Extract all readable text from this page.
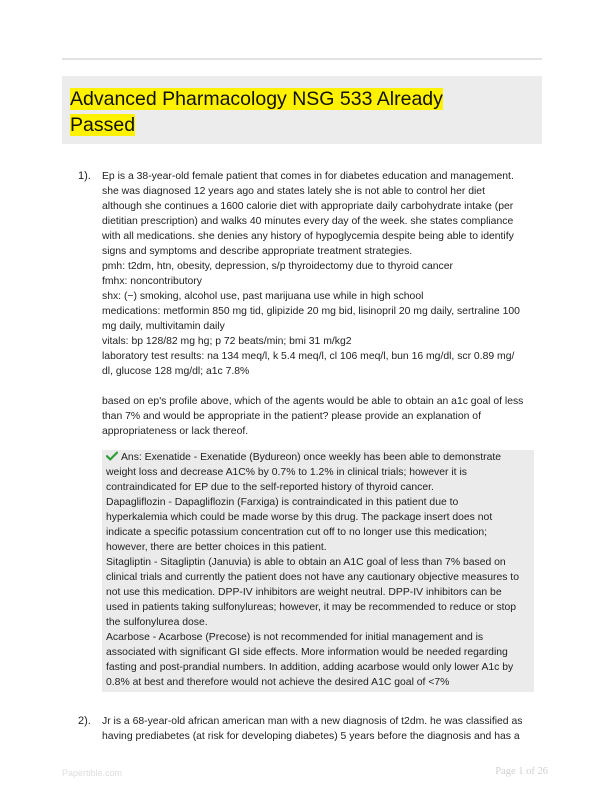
Advanced Pharmacology NSG 533 Already Passed
1). Ep is a 38-year-old female patient that comes in for diabetes education and management.

she was diagnosed 12 years ago and states lately she is not able to control her diet

although she continues a 1600 calorie diet with appropriate daily carbohydrate intake (per

dietitian prescription) and walks 40 minutes every day of the week. she states compliance

with all medications. she denies any history of hypoglycemia despite being able to identify

signs and symptoms and describe appropriate treatment strategies.

pmh: t2dm, htn, obesity, depression, s/p thyroidectomy due to thyroid cancer

fmhx: noncontributory

shx: (−) smoking, alcohol use, past marijuana use while in high school

medications: metformin 850 mg tid, glipizide 20 mg bid, lisinopril 20 mg daily, sertraline 100

mg daily, multivitamin daily

vitals: bp 128/82 mg hg; p 72 beats/min; bmi 31 m/kg2

laboratory test results: na 134 meq/l, k 5.4 meq/l, cl 106 meq/l, bun 16 mg/dl, scr 0.89 mg/

dl, glucose 128 mg/dl; a1c 7.8%

based on ep's profile above, which of the agents would be able to obtain an a1c goal of less

than 7% and would be appropriate in the patient? please provide an explanation of

appropriateness or lack thereof.

Ans: Exenatide - Exenatide (Bydureon) once weekly has been able to demonstrate

weight loss and decrease A1C% by 0.7% to 1.2% in clinical trials; however it is

contraindicated for EP due to the self-reported history of thyroid cancer.

Dapagliflozin - Dapagliflozin (Farxiga) is contraindicated in this patient due to

hyperkalemia which could be made worse by this drug. The package insert does not

indicate a specific potassium concentration cut off to no longer use this medication;

however, there are better choices in this patient.

Sitagliptin - Sitagliptin (Januvia) is able to obtain an A1C goal of less than 7% based on

clinical trials and currently the patient does not have any cautionary objective measures to

not use this medication. DPP-IV inhibitors are weight neutral. DPP-IV inhibitors can be

used in patients taking sulfonylureas; however, it may be recommended to reduce or stop

the sulfonylurea dose.

Acarbose - Acarbose (Precose) is not recommended for initial management and is

associated with significant GI side effects. More information would be needed regarding

fasting and post-prandial numbers. In addition, adding acarbose would only lower A1c by

0.8% at best and therefore would not achieve the desired A1C goal of <7%

2). Jr is a 68-year-old african american man with a new diagnosis of t2dm. he was classified as

having prediabetes (at risk for developing diabetes) 5 years before the diagnosis and has a

Papertible.com	Page 1 of 26
